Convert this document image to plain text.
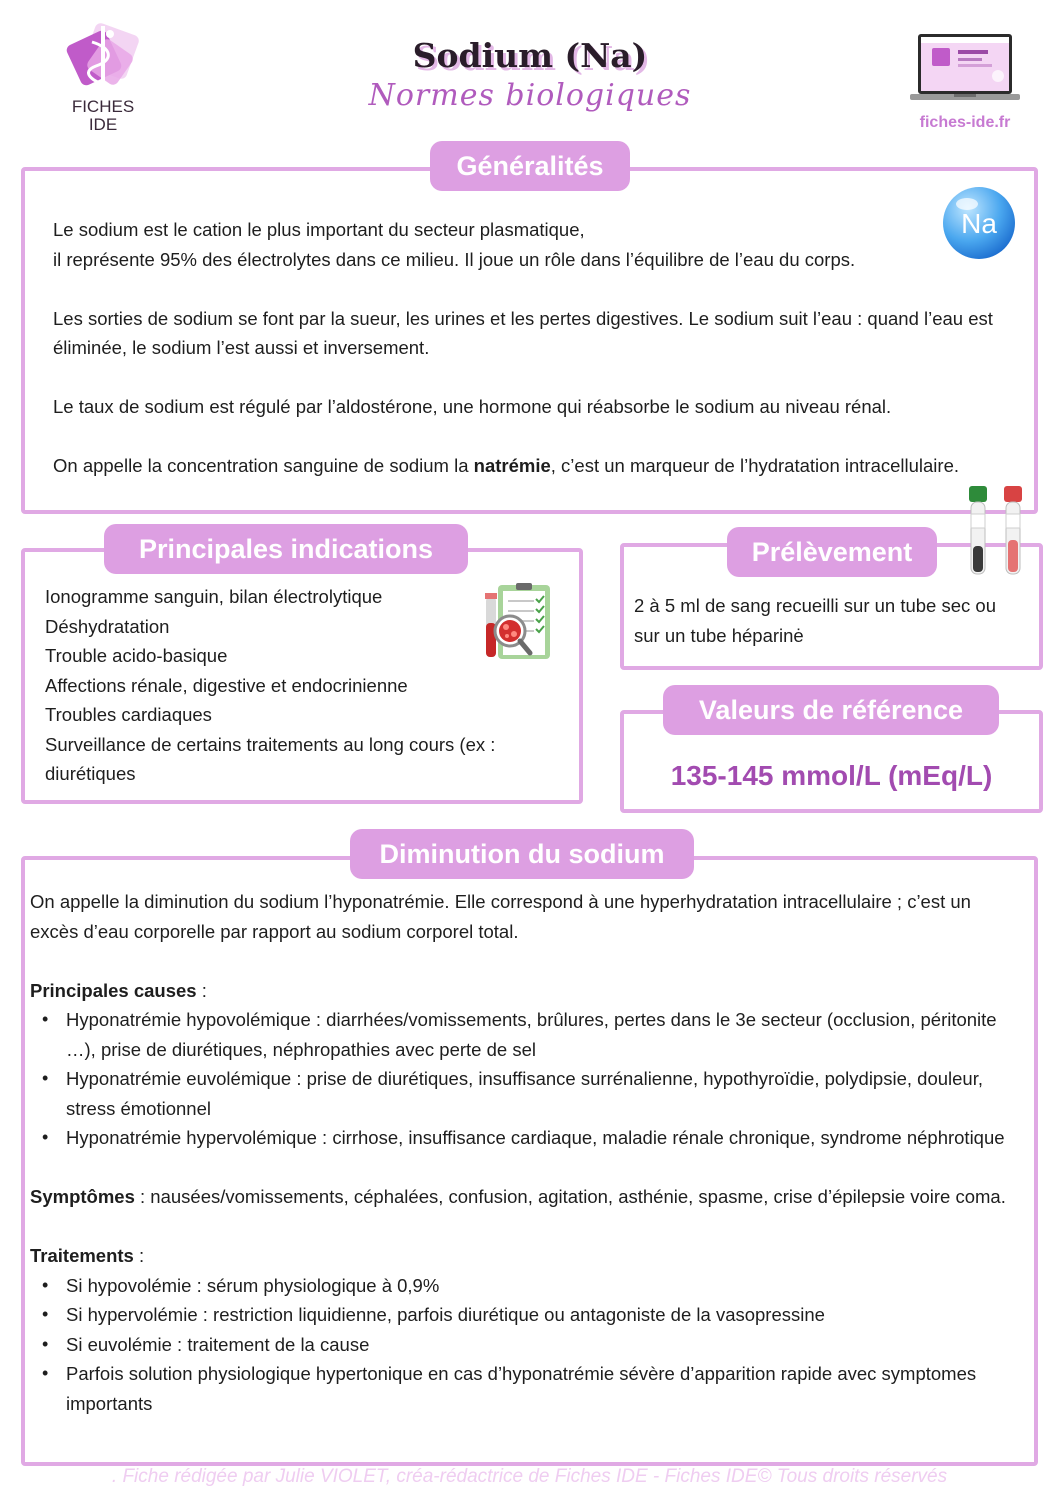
FICHES
IDE
Sodium (Na)
Normes biologiques
fiches-ide.fr
Le sodium est le cation le plus important du secteur plasmatique,
il représente 95% des électrolytes dans ce milieu. Il joue un rôle dans l’équilibre de l’eau du corps.
Les sorties de sodium se font par la sueur, les urines et les pertes digestives. Le sodium suit l’eau : quand l’eau est éliminée, le sodium l’est aussi et inversement.
Le taux de sodium est régulé par l’aldostérone, une hormone qui réabsorbe le sodium au niveau rénal.
On appelle la concentration sanguine de sodium la natrémie, c’est un marqueur de l’hydratation intracellulaire.
Généralités
Na
Ionogramme sanguin, bilan électrolytique
Déshydratation
Trouble acido-basique
Affections rénale, digestive et endocrinienne
Troubles cardiaques
Surveillance de certains traitements au long cours (ex : diurétiques
Principales indications
2 à 5 ml de sang recueilli sur un tube sec ou sur un tube héparinė
Prélèvement
135-145 mmol/L (mEq/L)
Valeurs de référence
On appelle la diminution du sodium l’hyponatrémie. Elle correspond à une hyperhydratation intracellulaire ; c’est un excès d’eau corporelle par rapport au sodium corporel total.
Principales causes :
• Hyponatrémie hypovolémique : diarrhées/vomissements, brûlures, pertes dans le 3e secteur (occlusion, péritonite …), prise de diurétiques, néphropathies avec perte de sel
• Hyponatrémie euvolémique : prise de diurétiques, insuffisance surrénalienne, hypothyroïdie, polydipsie, douleur, stress émotionnel
• Hyponatrémie hypervolémique : cirrhose, insuffisance cardiaque, maladie rénale chronique, syndrome néphrotique
Symptômes : nausées/vomissements, céphalées, confusion, agitation, asthénie, spasme, crise d’épilepsie voire coma.
Traitements :
• Si hypovolémie : sérum physiologique à 0,9%
• Si hypervolémie : restriction liquidienne, parfois diurétique ou antagoniste de la vasopressine
• Si euvolémie : traitement de la cause
• Parfois solution physiologique hypertonique en cas d’hyponatrémie sévère d’apparition rapide avec symptomes importants
Diminution du sodium
. Fiche rédigée par Julie VIOLET, créa-rédactrice de Fiches IDE - Fiches IDE© Tous droits réservés
